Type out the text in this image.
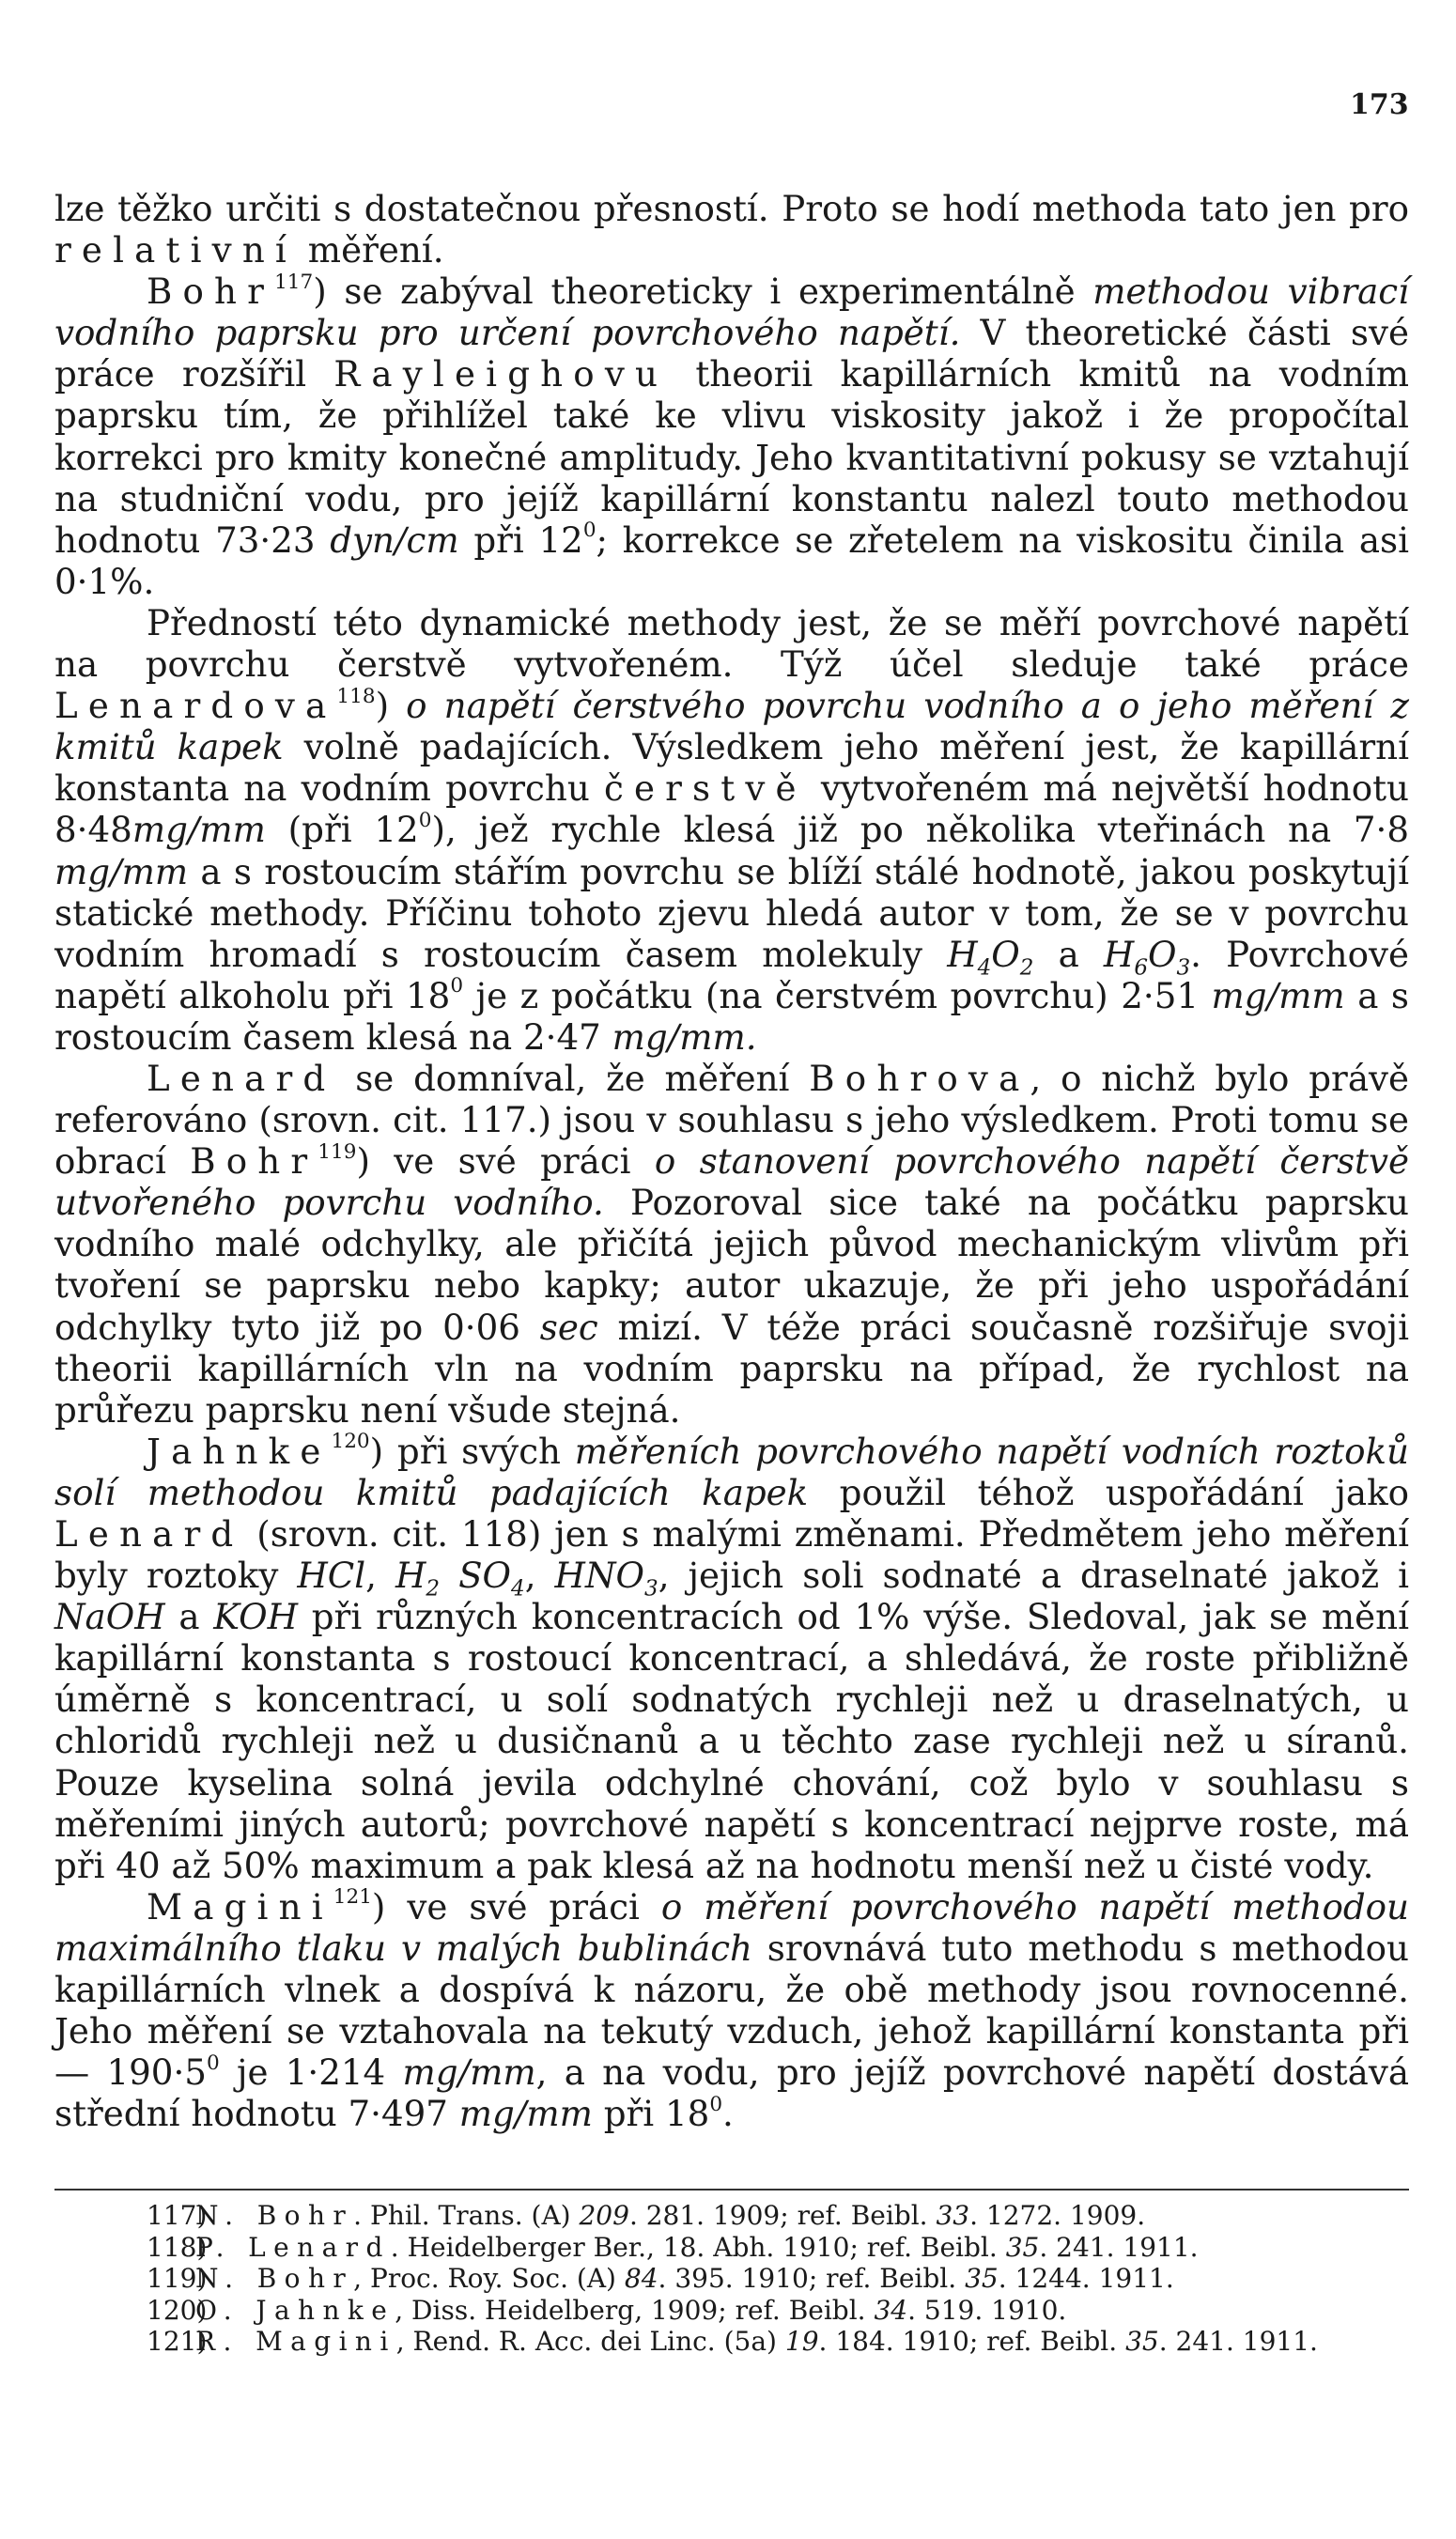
173

lze těžko určiti s dostatečnou přesností. Proto se hodí methoda tato jen pro relativní měření.

Bohr$^{117}$) se zabýval theoreticky i experimentálně methodou vibrací vodního paprsku pro určení povrchového napětí. V theoretické části své práce rozšířil Rayleighovu theorii kapillárních kmitů na vodním paprsku tím, že přihlížel také ke vlivu viskosity jakož i že propočítal korrekci pro kmity konečné amplitudy. Jeho kvantitativní pokusy se vztahují na studniční vodu, pro jejíž kapillární konstantu nalezl touto methodou hodnotu 73·23 dyn/cm při $12^0$; korrekce se zřetelem na viskositu činila asi 0·1%.

Předností této dynamické methody jest, že se měří povrchové napětí na povrchu čerstvě vytvořeném. Týž účel sleduje také práce Lenardova$^{118}$) o napětí čerstvého povrchu vodního a o jeho měření z kmitů kapek volně padajících. Výsledkem jeho měření jest, že kapillární konstanta na vodním povrchu čerstvě vytvořeném má největší hodnotu 8·48mg/mm (při $12^0$), jež rychle klesá již po několika vteřinách na 7·8 mg/mm a s rostoucím stářím povrchu se blíží stálé hodnotě, jakou poskytují statické methody. Příčinu tohoto zjevu hledá autor v tom, že se v povrchu vodním hromadí s rostoucím časem molekuly $H_4O_2$ a $H_6O_3$. Povrchové napětí alkoholu při $18^0$ je z počátku (na čerstvém povrchu) 2·51 mg/mm a s rostoucím časem klesá na 2·47 mg/mm.

Lenard se domníval, že měření Bohrova, o nichž bylo právě referováno (srovn. cit. 117.) jsou v souhlasu s jeho výsledkem. Proti tomu se obrací Bohr$^{119}$) ve své práci o stanovení povrchového napětí čerstvě utvořeného povrchu vodního. Pozoroval sice také na počátku paprsku vodního malé odchylky, ale přičítá jejich původ mechanickým vlivům při tvoření se paprsku nebo kapky; autor ukazuje, že při jeho uspořádání odchylky tyto již po 0·06 sec mizí. V téže práci současně rozšiřuje svoji theorii kapillárních vln na vodním paprsku na případ, že rychlost na průřezu paprsku není všude stejná.

Jahnke$^{120}$) při svých měřeních povrchového napětí vodních roztoků solí methodou kmitů padajících kapek použil téhož uspořádání jako Lenard (srovn. cit. 118) jen s malými změnami. Předmětem jeho měření byly roztoky HCl, $H_2$ $SO_4$, $HNO_3$, jejich soli sodnaté a draselnaté jakož i NaOH a KOH při různých koncentracích od 1% výše. Sledoval, jak se mění kapillární konstanta s rostoucí koncentrací, a shledává, že roste přibližně úměrně s koncentrací, u solí sodnatých rychleji než u draselnatých, u chloridů rychleji než u dusičnanů a u těchto zase rychleji než u síranů. Pouze kyselina solná jevila odchylné chování, což bylo v souhlasu s měřeními jiných autorů; povrchové napětí s koncentrací nejprve roste, má při 40 až 50% maximum a pak klesá až na hodnotu menší než u čisté vody.

Magini$^{121}$) ve své práci o měření povrchového napětí methodou maximálního tlaku v malých bublinách srovnává tuto methodu s methodou kapillárních vlnek a dospívá k názoru, že obě methody jsou rovnocenné. Jeho měření se vztahovala na tekutý vzduch, jehož kapillární konstanta při — $190\cdot 5^0$ je 1·214 mg/mm, a na vodu, pro jejíž povrchové napětí dostává střední hodnotu 7·497 mg/mm při $18^0$.

117)N. Bohr. Phil. Trans. (A) 209. 281. 1909; ref. Beibl. 33. 1272. 1909.

118)P. Lenard. Heidelberger Ber., 18. Abh. 1910; ref. Beibl. 35. 241. 1911.

119)N. Bohr, Proc. Roy. Soc. (A) 84. 395. 1910; ref. Beibl. 35. 1244. 1911.

120)O. Jahnke, Diss. Heidelberg, 1909; ref. Beibl. 34. 519. 1910.

121)R. Magini, Rend. R. Acc. dei Linc. (5a) 19. 184. 1910; ref. Beibl. 35. 241. 1911.
